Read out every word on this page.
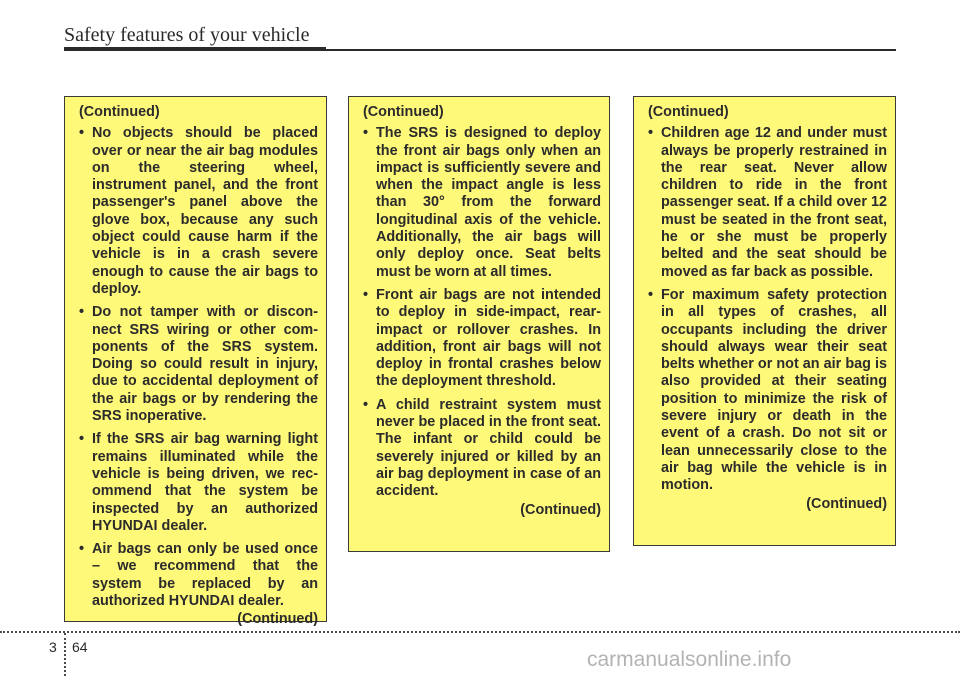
Safety features of your vehicle
(Continued)
• No objects should be placed over or near the air bag modules on the steering wheel, instrument panel, and the front passenger's panel above the glove box, because any such object could cause harm if the vehicle is in a crash severe enough to cause the air bags to deploy.
• Do not tamper with or disconnect SRS wiring or other components of the SRS system. Doing so could result in injury, due to accidental deployment of the air bags or by rendering the SRS inoperative.
• If the SRS air bag warning light remains illuminated while the vehicle is being driven, we recommend that the system be inspected by an authorized HYUNDAI dealer.
• Air bags can only be used once – we recommend that the system be replaced by an authorized HYUNDAI dealer.
(Continued)
(Continued)
• The SRS is designed to deploy the front air bags only when an impact is sufficiently severe and when the impact angle is less than 30° from the forward longitudinal axis of the vehicle. Additionally, the air bags will only deploy once. Seat belts must be worn at all times.
• Front air bags are not intended to deploy in side-impact, rear-impact or rollover crashes. In addition, front air bags will not deploy in frontal crashes below the deployment threshold.
• A child restraint system must never be placed in the front seat. The infant or child could be severely injured or killed by an air bag deployment in case of an accident.
(Continued)
(Continued)
• Children age 12 and under must always be properly restrained in the rear seat. Never allow children to ride in the front passenger seat. If a child over 12 must be seated in the front seat, he or she must be properly belted and the seat should be moved as far back as possible.
• For maximum safety protection in all types of crashes, all occupants including the driver should always wear their seat belts whether or not an air bag is also provided at their seating position to minimize the risk of severe injury or death in the event of a crash. Do not sit or lean unnecessarily close to the air bag while the vehicle is in motion.
(Continued)
3 64
carmanualsonline.info
